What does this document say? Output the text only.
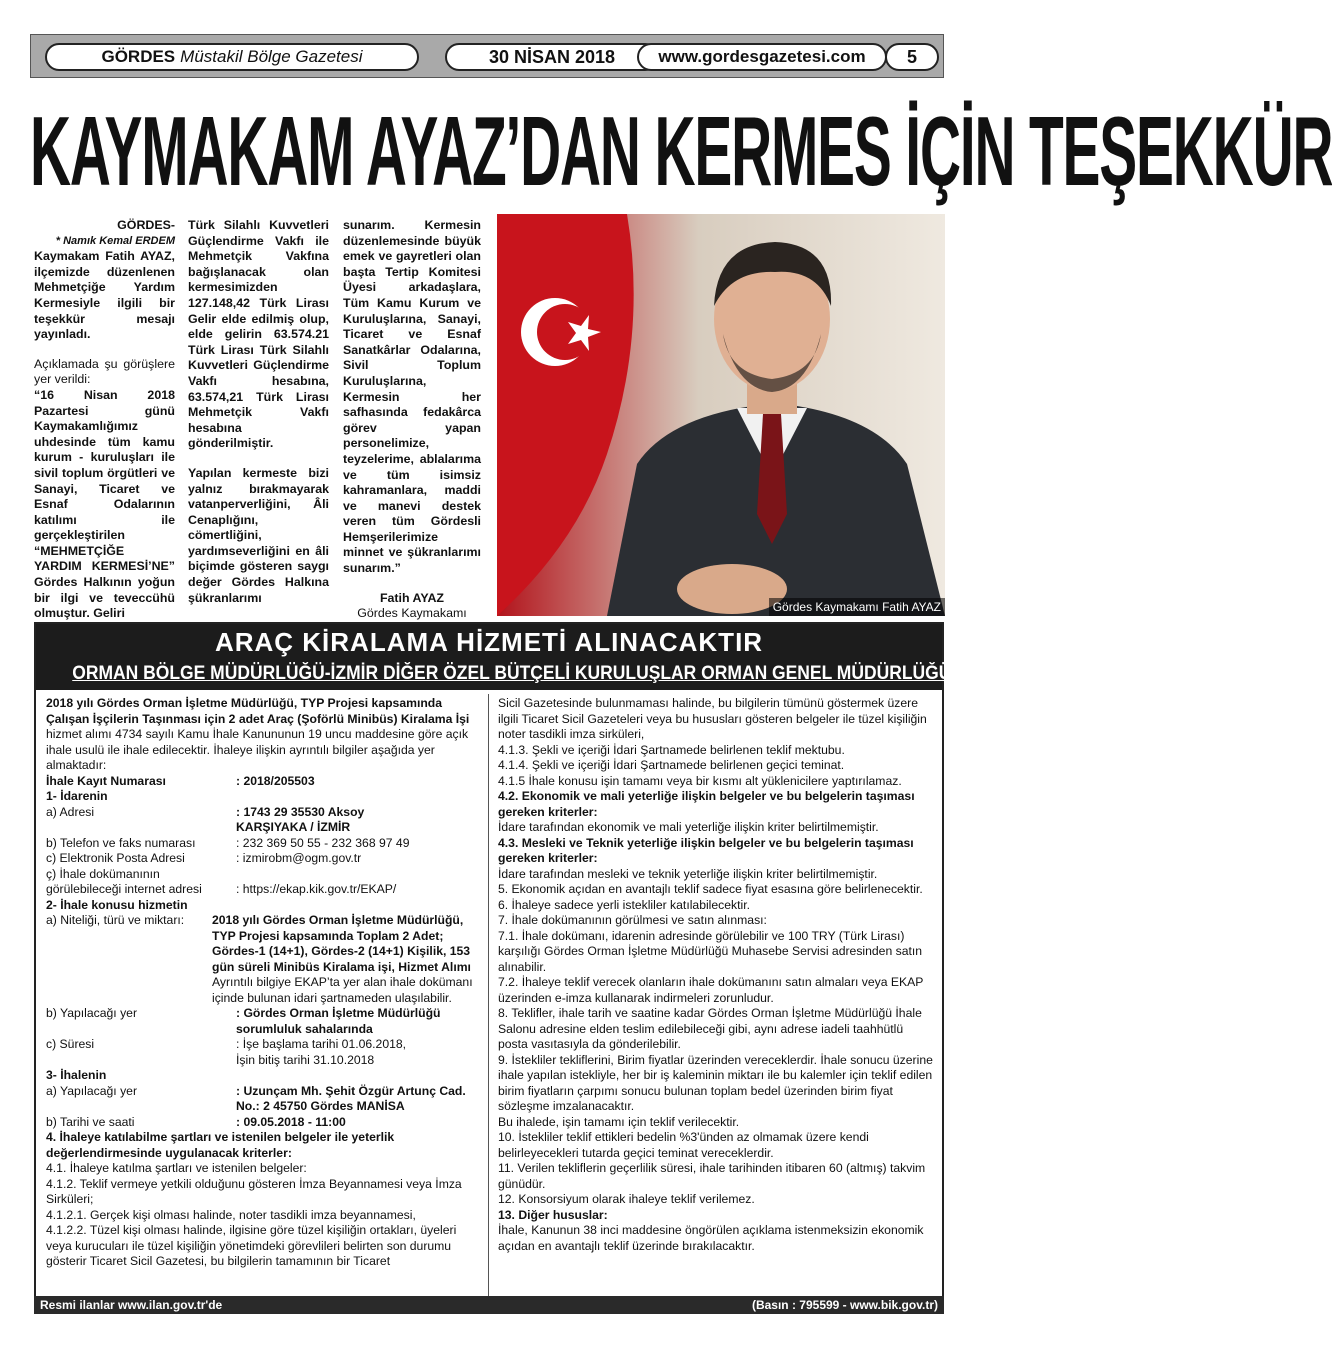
GÖRDES Müstakil Bölge Gazetesi	30 NİSAN 2018	www.gordesgazetesi.com	5
KAYMAKAM AYAZ’DAN KERMES İÇİN TEŞEKKÜR

GÖRDES-

* Namık Kemal ERDEM

Kaymakam Fatih AYAZ, ilçemizde düzenlenen Mehmetçiğe Yardım Kermesiyle ilgili bir teşekkür mesajı yayınladı.

Açıklamada şu görüşlere yer verildi:

“16 Nisan 2018 Pazartesi günü Kaymakamlığımız uhdesinde tüm kamu kurum - kuruluşları ile sivil toplum örgütleri ve Sanayi, Ticaret ve Esnaf Odalarının katılımı ile gerçekleştirilen “MEHMETÇİĞE YARDIM KERMESİ’NE” Gördes Halkının yoğun bir ilgi ve teveccühü olmuştur. Geliri

Türk Silahlı Kuvvetleri Güçlendirme Vakfı ile Mehmetçik Vakfına bağışlanacak olan kermesimizden 127.148,42 Türk Lirası Gelir elde edilmiş olup, elde gelirin 63.574.21 Türk Lirası Türk Silahlı Kuvvetleri Güçlendirme Vakfı hesabına, 63.574,21 Türk Lirası Mehmetçik Vakfı hesabına gönderilmiştir.

Yapılan kermeste bizi yalnız bırakmayarak vatanperverliğini, Âli Cenaplığını, cömertliğini, yardımseverliğini en âli biçimde gösteren saygı değer Gördes Halkına şükranlarımı

sunarım. Kermesin düzenlemesinde büyük emek ve gayretleri olan başta Tertip Komitesi Üyesi arkadaşlara, Tüm Kamu Kurum ve Kuruluşlarına, Sanayi, Ticaret ve Esnaf Sanatkârlar Odalarına, Sivil Toplum Kuruluşlarına, Kermesin her safhasında fedakârca görev yapan personelimize, teyzelerime, ablalarıma ve tüm isimsiz kahramanlara, maddi ve manevi destek veren tüm Gördesli Hemşerilerimize minnet ve şükranlarımı sunarım.”

Fatih AYAZ

Gördes Kaymakamı	Gördes Kaymakamı Fatih AYAZ
ARAÇ KİRALAMA HİZMETİ ALINACAKTIR
ORMAN BÖLGE MÜDÜRLÜĞÜ-İZMİR DİĞER ÖZEL BÜTÇELİ KURULUŞLAR ORMAN GENEL MÜDÜRLÜĞÜ

2018 yılı Gördes Orman İşletme Müdürlüğü, TYP Projesi kapsamında Çalışan İşçilerin Taşınması için 2 adet Araç (Şoförlü Minibüs) Kiralama İşi hizmet alımı 4734 sayılı Kamu İhale Kanununun 19 uncu maddesine göre açık ihale usulü ile ihale edilecektir. İhaleye ilişkin ayrıntılı bilgiler aşağıda yer almaktadır:

İhale Kayıt Numarası	: 2018/205503

1- İdarenin

a) Adresi	: 1743 29 35530 Aksoy

KARŞIYAKA / İZMİR

b) Telefon ve faks numarası	: 232 369 50 55 - 232 368 97 49
c) Elektronik Posta Adresi	: izmirobm@ogm.gov.tr
ç) İhale dokümanının görülebileceği internet adresi	: https://ekap.kik.gov.tr/EKAP/

2- İhale konusu hizmetin

a) Niteliği, türü ve miktarı:	2018 yılı Gördes Orman İşletme Müdürlüğü, TYP Projesi kapsamında Toplam 2 Adet; Gördes-1 (14+1), Gördes-2 (14+1) Kişilik, 153 gün süreli Minibüs Kiralama işi, Hizmet Alımı

Ayrıntılı bilgiye EKAP’ta yer alan ihale dokümanı içinde bulunan idari şartnameden ulaşılabilir.

b) Yapılacağı yer	: Gördes Orman İşletme Müdürlüğü sorumluluk sahalarında
c) Süresi	: İşe başlama tarihi 01.06.2018,

İşin bitiş tarihi 31.10.2018

3- İhalenin

a) Yapılacağı yer	: Uzunçam Mh. Şehit Özgür Artunç Cad. No.: 2 45750 Gördes MANİSA
b) Tarihi ve saati	: 09.05.2018 - 11:00

4. İhaleye katılabilme şartları ve istenilen belgeler ile yeterlik değerlendirmesinde uygulanacak kriterler:

4.1. İhaleye katılma şartları ve istenilen belgeler:

4.1.2. Teklif vermeye yetkili olduğunu gösteren İmza Beyannamesi veya İmza Sirküleri;

4.1.2.1. Gerçek kişi olması halinde, noter tasdikli imza beyannamesi,

4.1.2.2. Tüzel kişi olması halinde, ilgisine göre tüzel kişiliğin ortakları, üyeleri veya kurucuları ile tüzel kişiliğin yönetimdeki görevlileri belirten son durumu gösterir Ticaret Sicil Gazetesi, bu bilgilerin tamamının bir Ticaret

Sicil Gazetesinde bulunmaması halinde, bu bilgilerin tümünü göstermek üzere ilgili Ticaret Sicil Gazeteleri veya bu hususları gösteren belgeler ile tüzel kişiliğin noter tasdikli imza sirküleri,

4.1.3. Şekli ve içeriği İdari Şartnamede belirlenen teklif mektubu.

4.1.4. Şekli ve içeriği İdari Şartnamede belirlenen geçici teminat.

4.1.5 İhale konusu işin tamamı veya bir kısmı alt yüklenicilere yaptırılamaz.

4.2. Ekonomik ve mali yeterliğe ilişkin belgeler ve bu belgelerin taşıması gereken kriterler:

İdare tarafından ekonomik ve mali yeterliğe ilişkin kriter belirtilmemiştir.

4.3. Mesleki ve Teknik yeterliğe ilişkin belgeler ve bu belgelerin taşıması gereken kriterler:

İdare tarafından mesleki ve teknik yeterliğe ilişkin kriter belirtilmemiştir.

5. Ekonomik açıdan en avantajlı teklif sadece fiyat esasına göre belirlenecektir.

6. İhaleye sadece yerli istekliler katılabilecektir.

7. İhale dokümanının görülmesi ve satın alınması:

7.1. İhale dokümanı, idarenin adresinde görülebilir ve 100 TRY (Türk Lirası) karşılığı Gördes Orman İşletme Müdürlüğü Muhasebe Servisi adresinden satın alınabilir.

7.2. İhaleye teklif verecek olanların ihale dokümanını satın almaları veya EKAP üzerinden e-imza kullanarak indirmeleri zorunludur.

8. Teklifler, ihale tarih ve saatine kadar Gördes Orman İşletme Müdürlüğü İhale Salonu adresine elden teslim edilebileceği gibi, aynı adrese iadeli taahhütlü posta vasıtasıyla da gönderilebilir.

9. İstekliler tekliflerini, Birim fiyatlar üzerinden vereceklerdir. İhale sonucu üzerine ihale yapılan istekliyle, her bir iş kaleminin miktarı ile bu kalemler için teklif edilen birim fiyatların çarpımı sonucu bulunan toplam bedel üzerinden birim fiyat sözleşme imzalanacaktır.

Bu ihalede, işin tamamı için teklif verilecektir.

10. İstekliler teklif ettikleri bedelin %3'ünden az olmamak üzere kendi belirleyecekleri tutarda geçici teminat vereceklerdir.

11. Verilen tekliflerin geçerlilik süresi, ihale tarihinden itibaren 60 (altmış) takvim günüdür.

12. Konsorsiyum olarak ihaleye teklif verilemez.

13. Diğer hususlar:

İhale, Kanunun 38 inci maddesine öngörülen açıklama istenmeksizin ekonomik açıdan en avantajlı teklif üzerinde bırakılacaktır.

Resmi ilanlar www.ilan.gov.tr'de	(Basın : 795599 - www.bik.gov.tr)
